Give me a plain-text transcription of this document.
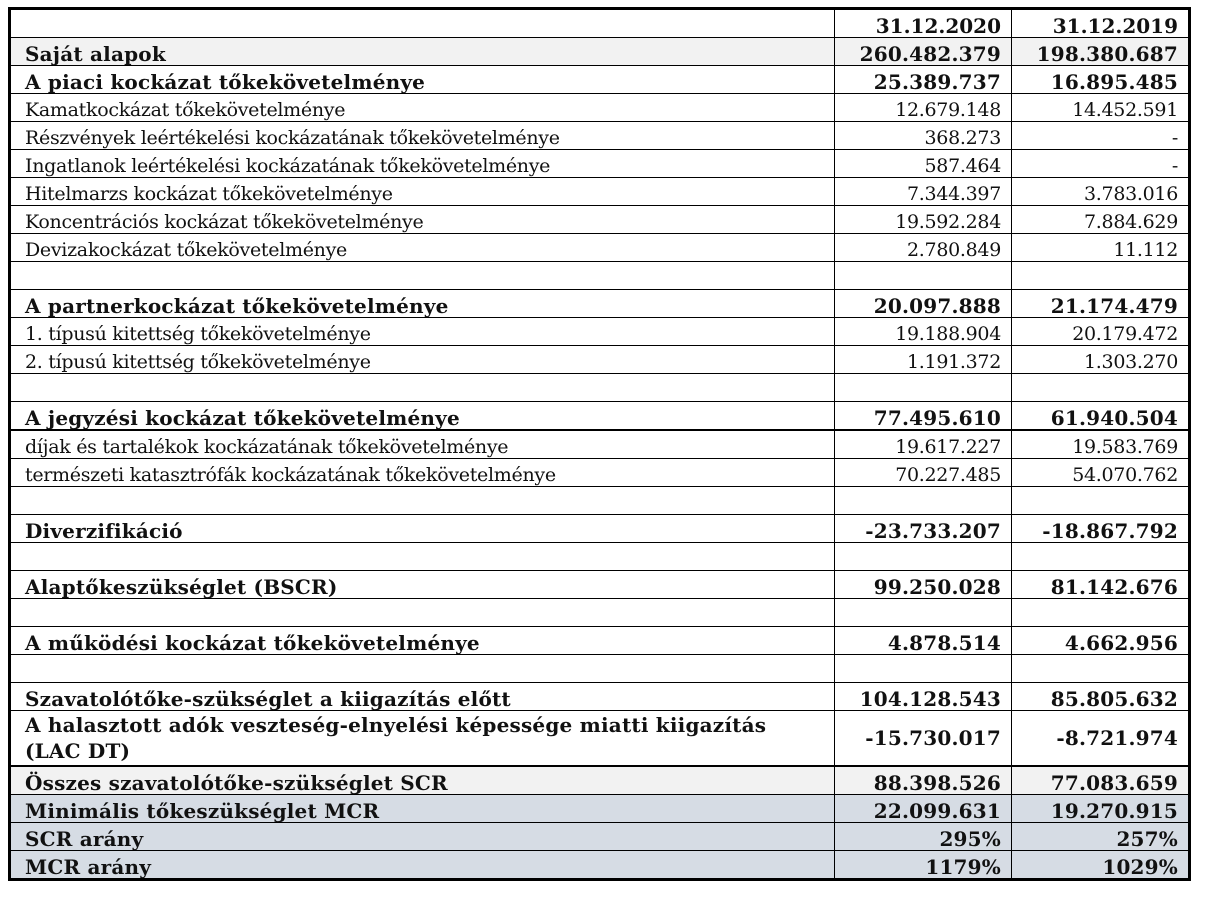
	31.12.2020	31.12.2019
Saját alapok	260.482.379	198.380.687
A piaci kockázat tőkekövetelménye	25.389.737	16.895.485
Kamatkockázat tőkekövetelménye	12.679.148	14.452.591
Részvények leértékelési kockázatának tőkekövetelménye	368.273	-
Ingatlanok leértékelési kockázatának tőkekövetelménye	587.464	-
Hitelmarzs kockázat tőkekövetelménye	7.344.397	3.783.016
Koncentrációs kockázat tőkekövetelménye	19.592.284	7.884.629
Devizakockázat tőkekövetelménye	2.780.849	11.112

A partnerkockázat tőkekövetelménye	20.097.888	21.174.479
1. típusú kitettség tőkekövetelménye	19.188.904	20.179.472
2. típusú kitettség tőkekövetelménye	1.191.372	1.303.270

A jegyzési kockázat tőkekövetelménye	77.495.610	61.940.504
díjak és tartalékok kockázatának tőkekövetelménye	19.617.227	19.583.769
természeti katasztrófák kockázatának tőkekövetelménye	70.227.485	54.070.762

Diverzifikáció	-23.733.207	-18.867.792

Alaptőkeszükséglet (BSCR)	99.250.028	81.142.676

A működési kockázat tőkekövetelménye	4.878.514	4.662.956

Szavatolótőke-szükséglet a kiigazítás előtt	104.128.543	85.805.632
A halasztott adók veszteség-elnyelési képessége miatti kiigazítás (LAC DT)	-15.730.017	-8.721.974
Összes szavatolótőke-szükséglet SCR	88.398.526	77.083.659
Minimális tőkeszükséglet MCR	22.099.631	19.270.915
SCR arány	295%	257%
MCR arány	1179%	1029%
